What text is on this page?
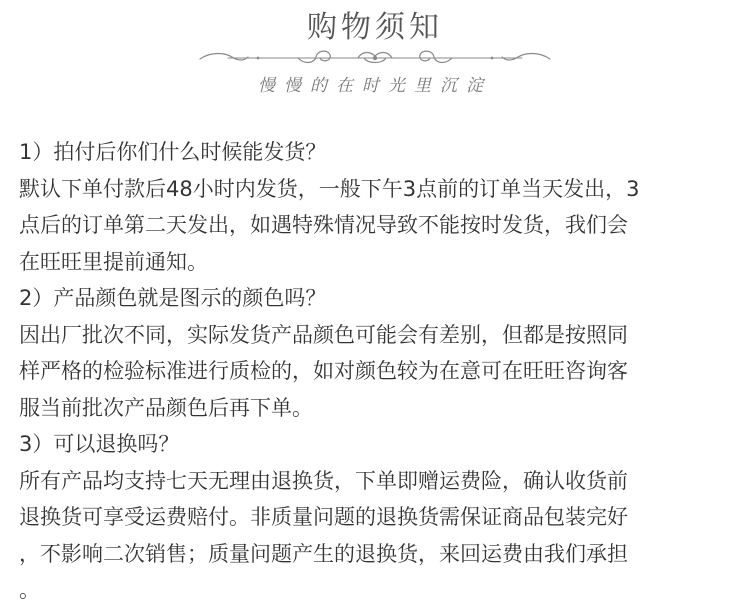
购物须知
慢慢的在时光里沉淀

1）拍付后你们什么时候能发货？

默认下单付款后48小时内发货，一般下午3点前的订单当天发出，3

点后的订单第二天发出，如遇特殊情况导致不能按时发货，我们会

在旺旺里提前通知。

2）产品颜色就是图示的颜色吗？

因出厂批次不同，实际发货产品颜色可能会有差别，但都是按照同

样严格的检验标准进行质检的，如对颜色较为在意可在旺旺咨询客

服当前批次产品颜色后再下单。

3）可以退换吗？

所有产品均支持七天无理由退换货，下单即赠运费险，确认收货前

退换货可享受运费赔付。非质量问题的退换货需保证商品包装完好

，不影响二次销售；质量问题产生的退换货，来回运费由我们承担

。
